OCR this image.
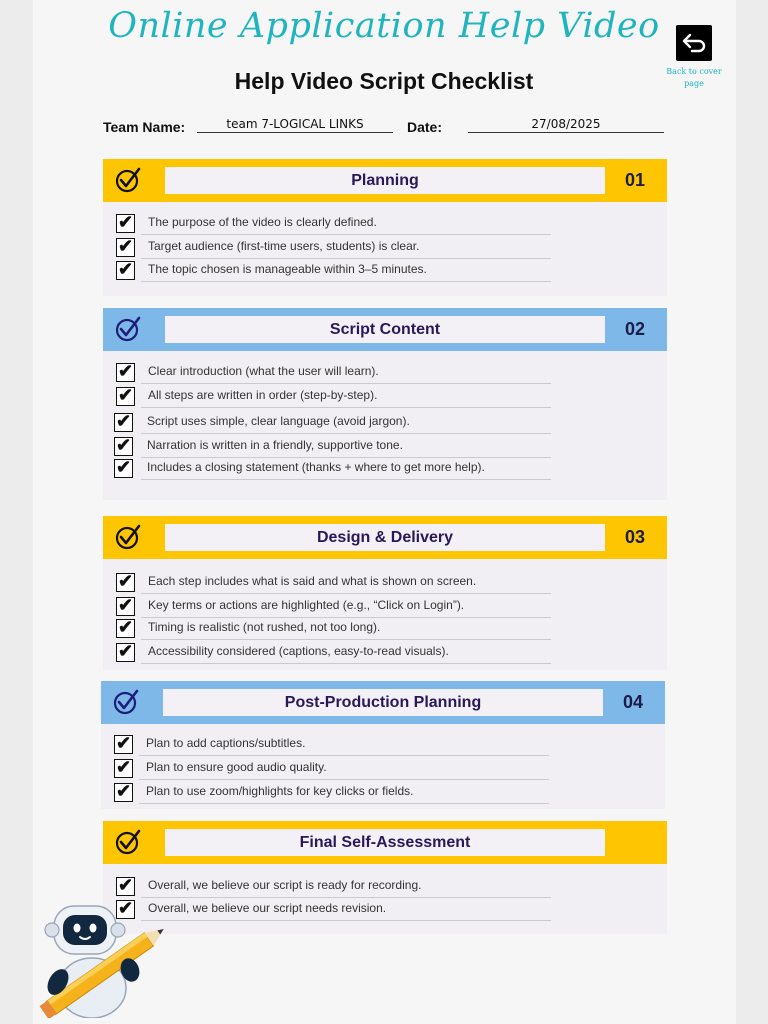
Online Application Help Video
Help Video Script Checklist	Back to cover page
Team Name:	team 7-LOGICAL LINKS	Date:	27/08/2025
Planning	01
✔ The purpose of the video is clearly defined.
✔ Target audience (first-time users, students) is clear.
✔ The topic chosen is manageable within 3–5 minutes.
Script Content	02
✔ Clear introduction (what the user will learn).
✔ All steps are written in order (step-by-step).
✔ Script uses simple, clear language (avoid jargon).
✔ Narration is written in a friendly, supportive tone.
✔ Includes a closing statement (thanks + where to get more help).
Design & Delivery	03
✔ Each step includes what is said and what is shown on screen.
✔ Key terms or actions are highlighted (e.g., “Click on Login”).
✔ Timing is realistic (not rushed, not too long).
✔ Accessibility considered (captions, easy-to-read visuals).
Post-Production Planning	04
✔ Plan to add captions/subtitles.
✔ Plan to ensure good audio quality.
✔ Plan to use zoom/highlights for key clicks or fields.
Final Self-Assessment
✔ Overall, we believe our script is ready for recording.
✔ Overall, we believe our script needs revision.
